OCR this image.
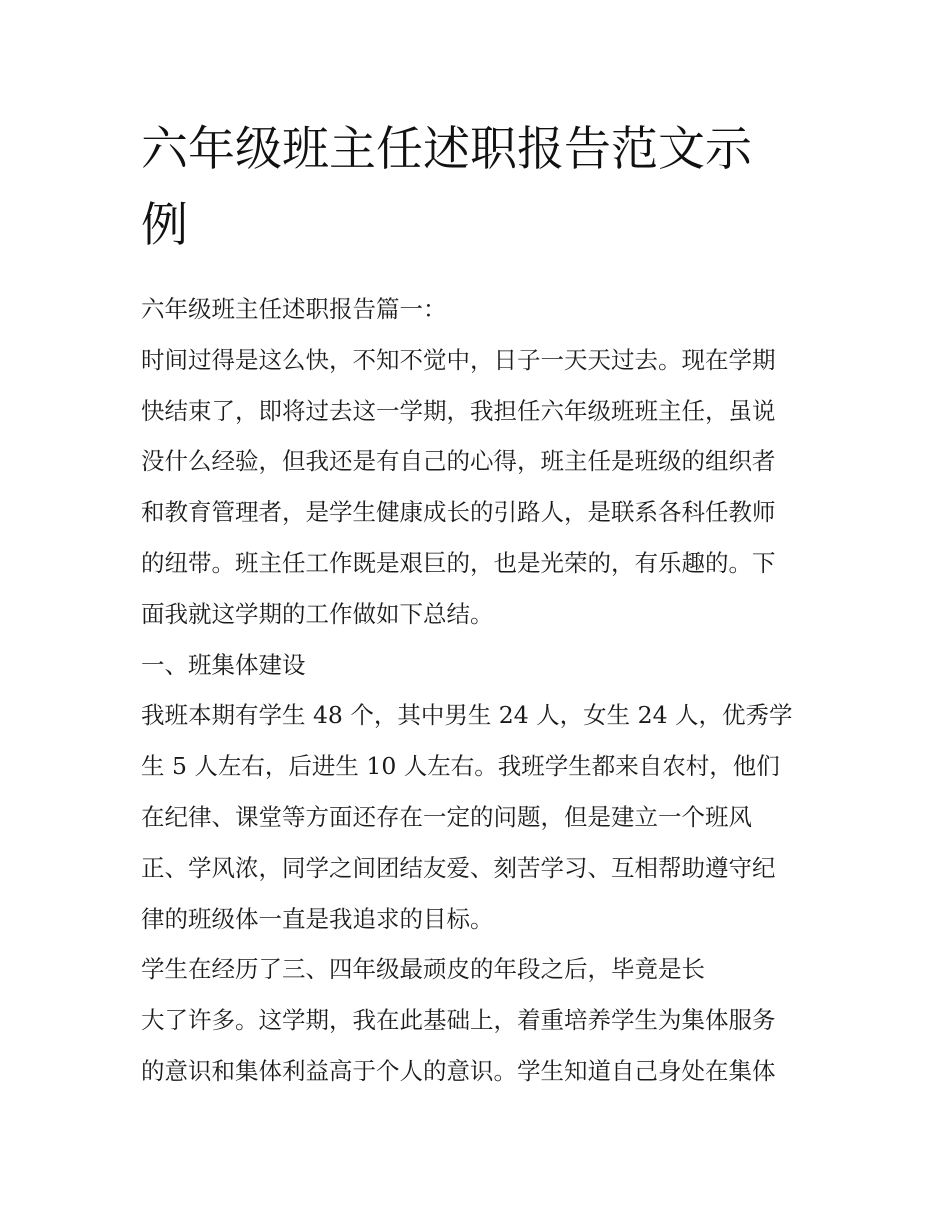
六年级班主任述职报告范文示
例
六年级班主任述职报告篇一：
时间过得是这么快，不知不觉中，日子一天天过去。现在学期
快结束了，即将过去这一学期，我担任六年级班班主任，虽说
没什么经验，但我还是有自己的心得，班主任是班级的组织者
和教育管理者，是学生健康成长的引路人，是联系各科任教师
的纽带。班主任工作既是艰巨的，也是光荣的，有乐趣的。下
面我就这学期的工作做如下总结。
一、班集体建设
我班本期有学生 48 个，其中男生 24 人，女生 24 人，优秀学
生 5 人左右，后进生 10 人左右。我班学生都来自农村，他们
在纪律、课堂等方面还存在一定的问题，但是建立一个班风
正、学风浓，同学之间团结友爱、刻苦学习、互相帮助遵守纪
律的班级体一直是我追求的目标。
学生在经历了三、四年级最顽皮的年段之后，毕竟是长
大了许多。这学期，我在此基础上，着重培养学生为集体服务
的意识和集体利益高于个人的意识。学生知道自己身处在集体
